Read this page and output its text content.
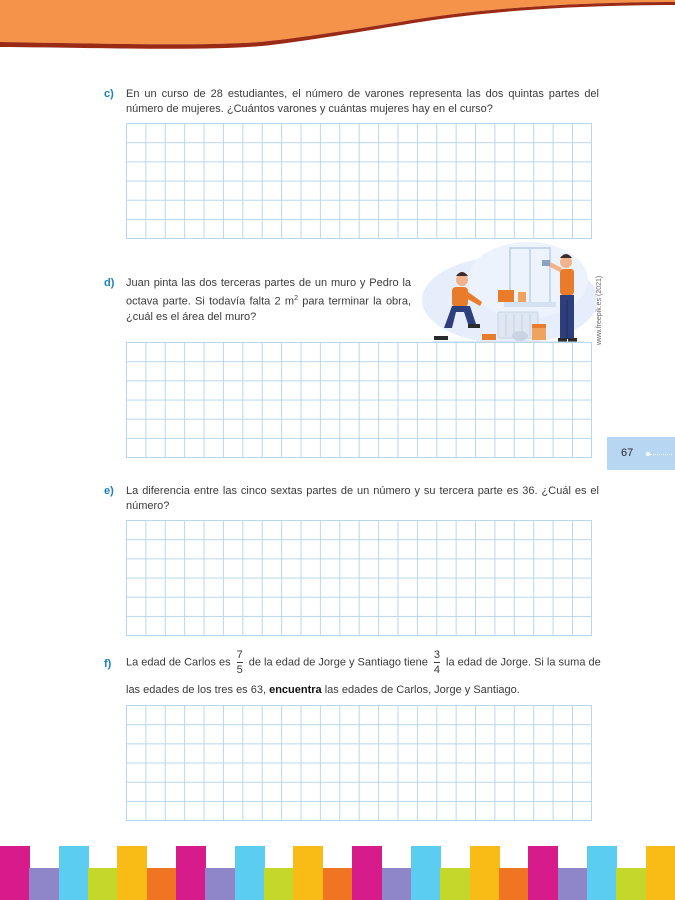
c) En un curso de 28 estudiantes, el número de varones representa las dos quintas partes del número de mujeres. ¿Cuántos varones y cuántas mujeres hay en el curso?
d) Juan pinta las dos terceras partes de un muro y Pedro la
octava parte. Si todavía falta 2 $m^2$ para terminar la obra,
¿cuál es el área del muro?	www.freepik.es (2021)
67
e) La diferencia entre las cinco sextas partes de un número y su tercera parte es 36. ¿Cuál es el número?
f) La edad de Carlos es $\frac{7}{5}$ de la edad de Jorge y Santiago tiene $\frac{3}{4}$ la edad de Jorge. Si la suma de
las edades de los tres es 63, encuentra las edades de Carlos, Jorge y Santiago.
